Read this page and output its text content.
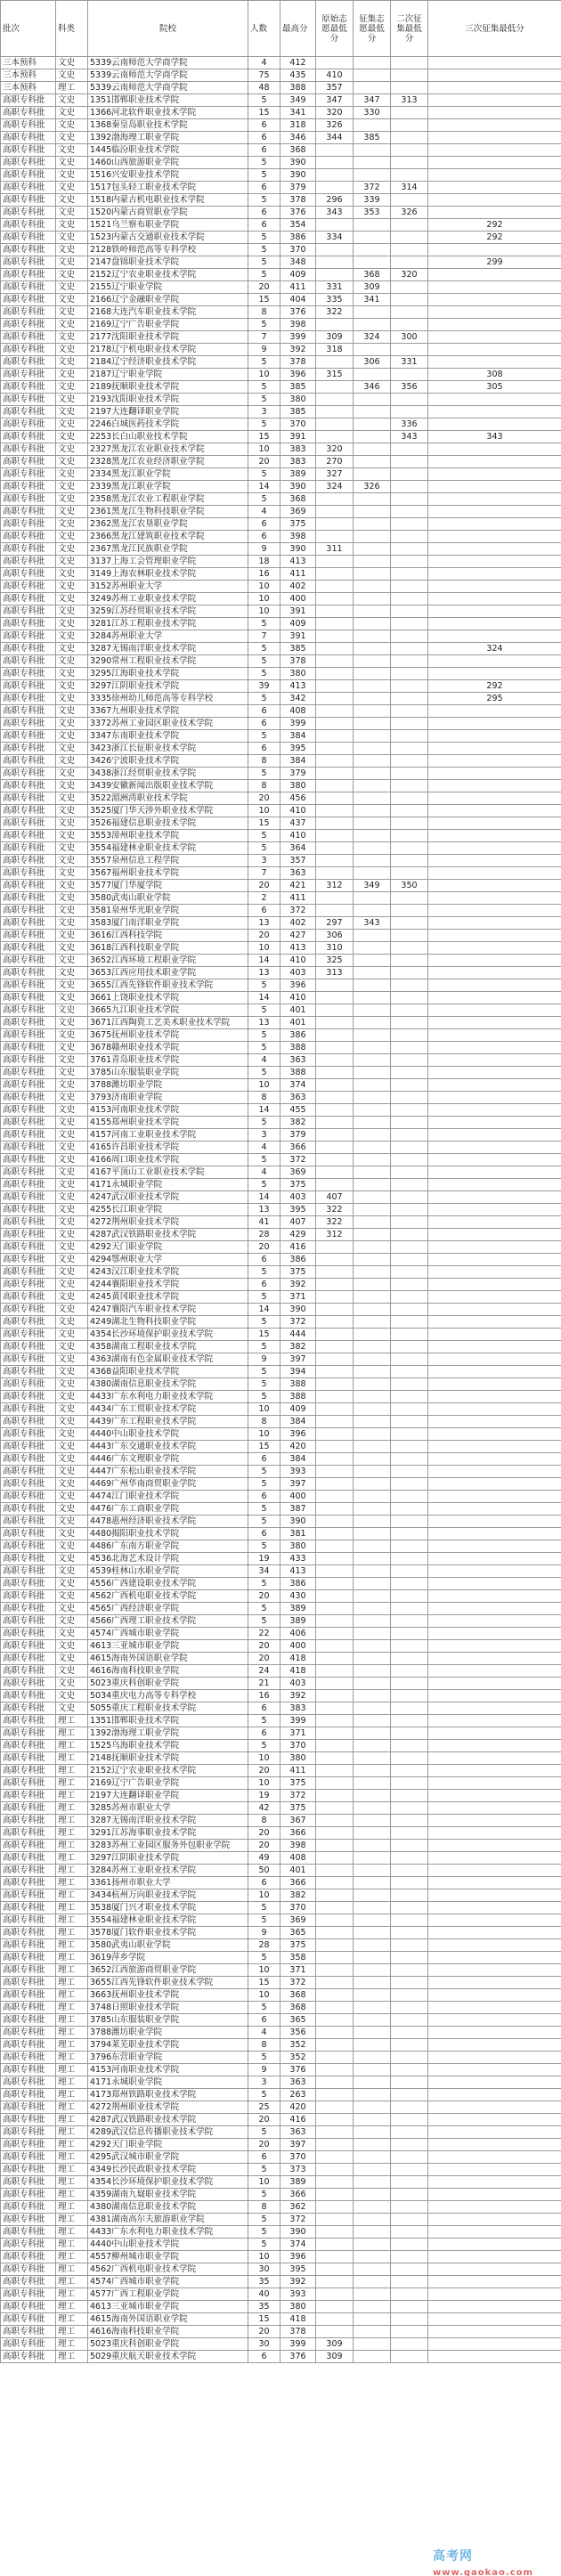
批次	科类	院校	人数	最高分	原始志愿最低分	征集志愿最低分	二次征集最低分	三次征集最低分
三本预科	文史	5339云南师范大学商学院	4	412				
三本预科	文史	5339云南师范大学商学院	75	435	410			
三本预科	理工	5339云南师范大学商学院	48	388	357			
高职专科批	文史	1351邯郸职业技术学院	5	349	347	347	313	
高职专科批	文史	1366河北软件职业技术学院	15	341	320	330		
高职专科批	文史	1368秦皇岛职业技术学院	6	318	326			
高职专科批	文史	1392渤海理工职业学院	6	346	344	385		
高职专科批	文史	1445临汾职业技术学院	6	368				
高职专科批	文史	1460山西旅游职业学院	5	390				
高职专科批	文史	1516兴安职业技术学院	5	390				
高职专科批	文史	1517包头轻工职业技术学院	6	379		372	314	
高职专科批	文史	1518内蒙古机电职业技术学院	5	378	296	339		
高职专科批	文史	1520内蒙古商贸职业学院	6	376	343	353	326	
高职专科批	文史	1521乌兰察布职业学院	6	354				292
高职专科批	文史	1523内蒙古交通职业技术学院	5	386	334			292
高职专科批	文史	2128铁岭师范高等专科学校	5	370				
高职专科批	文史	2147盘锦职业技术学院	5	348				299
高职专科批	文史	2152辽宁农业职业技术学院	5	409		368	320	
高职专科批	文史	2155辽宁职业学院	20	411	331	309		
高职专科批	文史	2166辽宁金融职业学院	15	404	335	341		
高职专科批	文史	2168大连汽车职业技术学院	8	376	322			
高职专科批	文史	2169辽宁广告职业学院	5	398				
高职专科批	文史	2177沈阳职业技术学院	7	399	309	324	300	
高职专科批	文史	2178辽宁机电职业技术学院	9	392	318			
高职专科批	文史	2184辽宁经济职业技术学院	5	378		306	331	
高职专科批	文史	2187辽宁职业学院	10	396	315			308
高职专科批	文史	2189抚顺职业技术学院	5	385		346	356	305
高职专科批	文史	2193沈阳职业技术学院	5	380				
高职专科批	文史	2197大连翻译职业学院	3	385				
高职专科批	文史	2246白城医药技术学院	5	370			336	
高职专科批	文史	2253长白山职业技术学院	15	391			343	343
高职专科批	文史	2327黑龙江农业职业技术学院	10	383	320			
高职专科批	文史	2328黑龙江农业经济职业学院	20	383	270			
高职专科批	文史	2334黑龙江职业学院	5	389	327			
高职专科批	文史	2339黑龙江职业学院	14	390	324	326		
高职专科批	文史	2358黑龙江农业工程职业学院	5	368				
高职专科批	文史	2361黑龙江生物科技职业学院	4	369				
高职专科批	文史	2362黑龙江农垦职业学院	6	375				
高职专科批	文史	2366黑龙江建筑职业技术学院	6	398				
高职专科批	文史	2367黑龙江民族职业学院	9	390	311			
高职专科批	文史	3137上海工会管理职业学院	18	413				
高职专科批	文史	3149上海农林职业技术学院	16	411				
高职专科批	文史	3152苏州职业大学	10	402				
高职专科批	文史	3249苏州工业职业技术学院	10	400				
高职专科批	文史	3259江苏经贸职业技术学院	10	391				
高职专科批	文史	3281江苏工程职业技术学院	5	409				
高职专科批	文史	3284苏州职业大学	7	391				
高职专科批	文史	3287无锡南洋职业技术学院	5	385				324
高职专科批	文史	3290常州工程职业技术学院	5	378				
高职专科批	文史	3295江海职业技术学院	5	380				
高职专科批	文史	3297江阴职业技术学院	39	413				292
高职专科批	文史	3335徐州幼儿师范高等专科学校	5	342				295
高职专科批	文史	3367九州职业技术学院	6	408				
高职专科批	文史	3372苏州工业园区职业技术学院	6	399				
高职专科批	文史	3347东南职业技术学院	5	384				
高职专科批	文史	3423浙江长征职业技术学院	6	395				
高职专科批	文史	3426宁波职业技术学院	8	384				
高职专科批	文史	3438浙江经贸职业技术学院	5	379				
高职专科批	文史	3439安徽新闻出版职业技术学院	8	380				
高职专科批	文史	3522湄洲湾职业技术学院	20	456				
高职专科批	文史	3525厦门华天涉外职业技术学院	10	410				
高职专科批	文史	3526福建信息职业技术学院	15	437				
高职专科批	文史	3553漳州职业技术学院	5	410				
高职专科批	文史	3554福建林业职业技术学院	5	364				
高职专科批	文史	3557泉州信息工程学院	3	357				
高职专科批	文史	3567福州职业技术学院	7	363				
高职专科批	文史	3577厦门华厦学院	20	421	312	349	350	
高职专科批	文史	3580武夷山职业学院	2	411				
高职专科批	文史	3581泉州华光职业学院	6	372				
高职专科批	文史	3583厦门南洋职业学院	13	402	297	343		
高职专科批	文史	3616江西科技学院	20	427	306			
高职专科批	文史	3618江西科技职业学院	10	413	310			
高职专科批	文史	3652江西环境工程职业学院	14	410	325			
高职专科批	文史	3653江西应用技术职业学院	13	403	313			
高职专科批	文史	3655江西先锋软件职业技术学院	5	396				
高职专科批	文史	3661上饶职业技术学院	14	410				
高职专科批	文史	3665九江职业技术学院	5	401				
高职专科批	文史	3671江西陶瓷工艺美术职业技术学院	13	401				
高职专科批	文史	3675抚州职业技术学院	5	386				
高职专科批	文史	3678赣州职业技术学院	5	388				
高职专科批	文史	3761青岛职业技术学院	4	363				
高职专科批	文史	3785山东服装职业学院	5	388				
高职专科批	文史	3788潍坊职业学院	10	374				
高职专科批	文史	3793济南职业学院	8	363				
高职专科批	文史	4153河南职业技术学院	14	455				
高职专科批	文史	4155郑州职业技术学院	5	382				
高职专科批	文史	4157河南工业职业技术学院	3	379				
高职专科批	文史	4165许昌职业技术学院	4	366				
高职专科批	文史	4166周口职业技术学院	5	372				
高职专科批	文史	4167平顶山工业职业技术学院	4	369				
高职专科批	文史	4171永城职业学院	5	375				
高职专科批	文史	4247武汉职业技术学院	14	403	407			
高职专科批	文史	4255长江职业学院	13	395	322			
高职专科批	文史	4272荆州职业技术学院	41	407	322			
高职专科批	文史	4287武汉铁路职业技术学院	28	429	312			
高职专科批	文史	4292天门职业学院	20	416				
高职专科批	文史	4294鄂州职业大学	6	386				
高职专科批	文史	4243汉江职业技术学院	5	375				
高职专科批	文史	4244襄阳职业技术学院	6	392				
高职专科批	文史	4245黄冈职业技术学院	5	371				
高职专科批	文史	4247襄阳汽车职业技术学院	14	390				
高职专科批	文史	4249湖北生物科技职业学院	5	372				
高职专科批	文史	4354长沙环境保护职业技术学院	15	444				
高职专科批	文史	4358湖南工程职业技术学院	5	382				
高职专科批	文史	4363湖南有色金属职业技术学院	9	397				
高职专科批	文史	4368益阳职业技术学院	5	394				
高职专科批	文史	4380湖南信息职业技术学院	5	388				
高职专科批	文史	4433广东水利电力职业技术学院	5	388				
高职专科批	文史	4434广东工贸职业技术学院	10	409				
高职专科批	文史	4439广东工程职业技术学院	8	384				
高职专科批	文史	4440中山职业技术学院	10	396				
高职专科批	文史	4443广东交通职业技术学院	15	420				
高职专科批	文史	4446广东文理职业学院	6	384				
高职专科批	文史	4447广东松山职业技术学院	5	393				
高职专科批	文史	4469广州华南商贸职业学院	5	397				
高职专科批	文史	4474江门职业技术学院	6	400				
高职专科批	文史	4476广东工商职业学院	5	387				
高职专科批	文史	4478惠州经济职业技术学院	5	390				
高职专科批	文史	4480揭阳职业技术学院	6	381				
高职专科批	文史	4486广东南方职业学院	5	380				
高职专科批	文史	4536北海艺术设计学院	19	433				
高职专科批	文史	4539桂林山水职业学院	34	413				
高职专科批	文史	4556广西建设职业技术学院	5	386				
高职专科批	文史	4562广西机电职业技术学院	20	430				
高职专科批	文史	4565广西经济职业学院	5	389				
高职专科批	文史	4566广西理工职业技术学院	5	389				
高职专科批	文史	4574广西城市职业学院	22	406				
高职专科批	文史	4613三亚城市职业学院	20	400				
高职专科批	文史	4615海南外国语职业学院	20	418				
高职专科批	文史	4616海南科技职业学院	24	418				
高职专科批	文史	5023重庆科创职业学院	21	403				
高职专科批	文史	5034重庆电力高等专科学校	16	392				
高职专科批	文史	5055重庆工程职业技术学院	6	383				
高职专科批	理工	1351邯郸职业技术学院	5	399				
高职专科批	理工	1392渤海理工职业学院	6	371				
高职专科批	理工	1525乌海职业技术学院	5	370				
高职专科批	理工	2148抚顺职业技术学院	10	380				
高职专科批	理工	2152辽宁农业职业技术学院	20	411				
高职专科批	理工	2169辽宁广告职业学院	10	375				
高职专科批	理工	2197大连翻译职业学院	19	372				
高职专科批	理工	3285苏州市职业大学	42	375				
高职专科批	理工	3287无锡南洋职业技术学院	8	367				
高职专科批	理工	3291江苏海事职业技术学院	20	366				
高职专科批	理工	3283苏州工业园区服务外包职业学院	20	398				
高职专科批	理工	3297江阴职业技术学院	49	408				
高职专科批	理工	3284苏州工业职业技术学院	50	401				
高职专科批	理工	3361扬州市职业大学	6	366				
高职专科批	理工	3434杭州万向职业技术学院	10	382				
高职专科批	理工	3538厦门兴才职业技术学院	5	370				
高职专科批	理工	3554福建林业职业技术学院	5	369				
高职专科批	理工	3578厦门软件职业技术学院	9	365				
高职专科批	理工	3580武夷山职业学院	28	375				
高职专科批	理工	3619萍乡学院	5	358				
高职专科批	理工	3652江西旅游商贸职业学院	10	371				
高职专科批	理工	3655江西先锋软件职业技术学院	15	372				
高职专科批	理工	3663抚州职业技术学院	10	368				
高职专科批	理工	3748日照职业技术学院	5	368				
高职专科批	理工	3785山东服装职业学院	6	365				
高职专科批	理工	3788潍坊职业学院	4	356				
高职专科批	理工	3794莱芜职业技术学院	8	352				
高职专科批	理工	3796东营职业学院	5	352				
高职专科批	理工	4153河南职业技术学院	9	376				
高职专科批	理工	4171永城职业学院	3	363				
高职专科批	理工	4173郑州铁路职业技术学院	5	263				
高职专科批	理工	4272荆州职业技术学院	25	420				
高职专科批	理工	4287武汉铁路职业技术学院	20	416				
高职专科批	理工	4289武汉信息传播职业技术学院	5	363				
高职专科批	理工	4292天门职业学院	20	397				
高职专科批	理工	4295武汉城市职业学院	6	370				
高职专科批	理工	4349长沙民政职业技术学院	5	373				
高职专科批	理工	4354长沙环境保护职业技术学院	10	389				
高职专科批	理工	4359湖南九嶷职业技术学院	5	366				
高职专科批	理工	4380湖南信息职业技术学院	8	362				
高职专科批	理工	4381湖南高尔夫旅游职业学院	5	372				
高职专科批	理工	4433广东水利电力职业技术学院	5	390				
高职专科批	理工	4440中山职业技术学院	5	374				
高职专科批	理工	4557柳州城市职业学院	10	396				
高职专科批	理工	4562广西机电职业技术学院	30	395				
高职专科批	理工	4574广西城市职业学院	35	392				
高职专科批	理工	4577广西工程职业学院	40	393				
高职专科批	理工	4613三亚城市职业学院	35	380				
高职专科批	理工	4615海南外国语职业学院	15	418				
高职专科批	理工	4616海南科技职业学院	20	378				
高职专科批	理工	5023重庆科创职业学院	30	399	309			
高职专科批	理工	5029重庆航天职业技术学院	6	376	309			
高考网 www.gaokao.com
